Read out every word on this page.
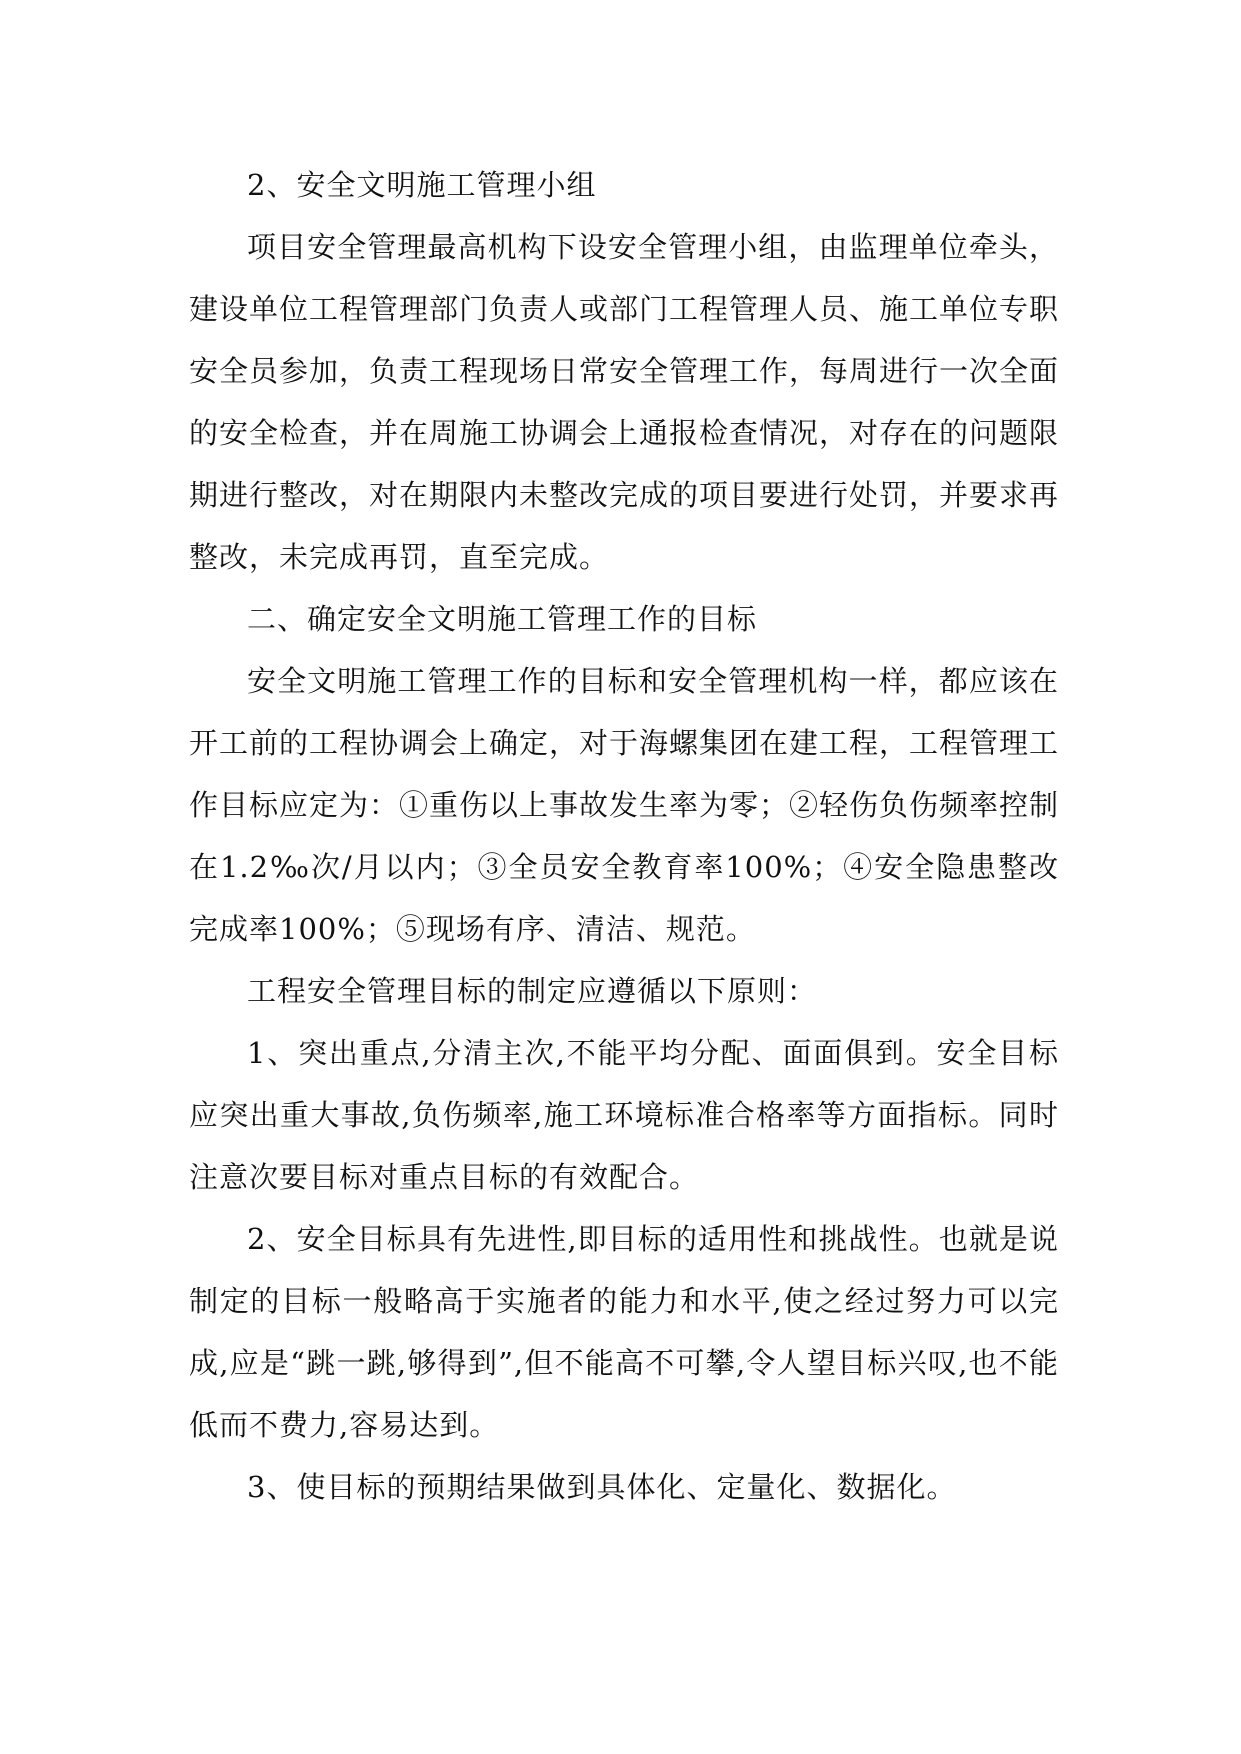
2、安全文明施工管理小组

项目安全管理最高机构下设安全管理小组，由监理单位牵头，建设单位工程管理部门负责人或部门工程管理人员、施工单位专职安全员参加，负责工程现场日常安全管理工作，每周进行一次全面的安全检查，并在周施工协调会上通报检查情况，对存在的问题限期进行整改，对在期限内未整改完成的项目要进行处罚，并要求再整改，未完成再罚，直至完成。

二、确定安全文明施工管理工作的目标

安全文明施工管理工作的目标和安全管理机构一样，都应该在开工前的工程协调会上确定，对于海螺集团在建工程，工程管理工作目标应定为：①重伤以上事故发生率为零；②轻伤负伤频率控制在1.2‰次/月以内；③全员安全教育率100%；④安全隐患整改完成率100%；⑤现场有序、清洁、规范。

工程安全管理目标的制定应遵循以下原则：

1、突出重点,分清主次,不能平均分配、面面俱到。安全目标应突出重大事故,负伤频率,施工环境标准合格率等方面指标。同时注意次要目标对重点目标的有效配合。

2、安全目标具有先进性,即目标的适用性和挑战性。也就是说制定的目标一般略高于实施者的能力和水平,使之经过努力可以完成,应是“跳一跳,够得到”,但不能高不可攀,令人望目标兴叹,也不能低而不费力,容易达到。

3、使目标的预期结果做到具体化、定量化、数据化。
